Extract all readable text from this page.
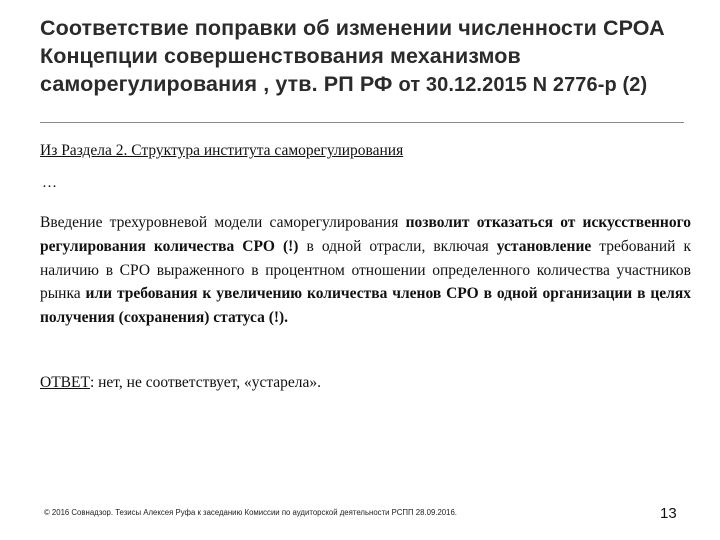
Соответствие поправки об изменении численности СРОА
Концепции совершенствования механизмов
саморегулирования , утв. РП РФ от 30.12.2015 N 2776-р (2)
Из Раздела 2. Структура института саморегулирования
…
Введение трехуровневой модели саморегулирования позволит отказаться от искусственного регулирования количества СРО (!) в одной отрасли, включая установление требований к наличию в СРО выраженного в процентном отношении определенного количества участников рынка или требования к увеличению количества членов СРО в одной организации в целях получения (сохранения) статуса (!).
ОТВЕТ: нет, не соответствует, «устарела».
© 2016 Совнадзор. Тезисы Алексея Руфа к заседанию Комиссии по аудиторской деятельности РСПП 28.09.2016.	13
